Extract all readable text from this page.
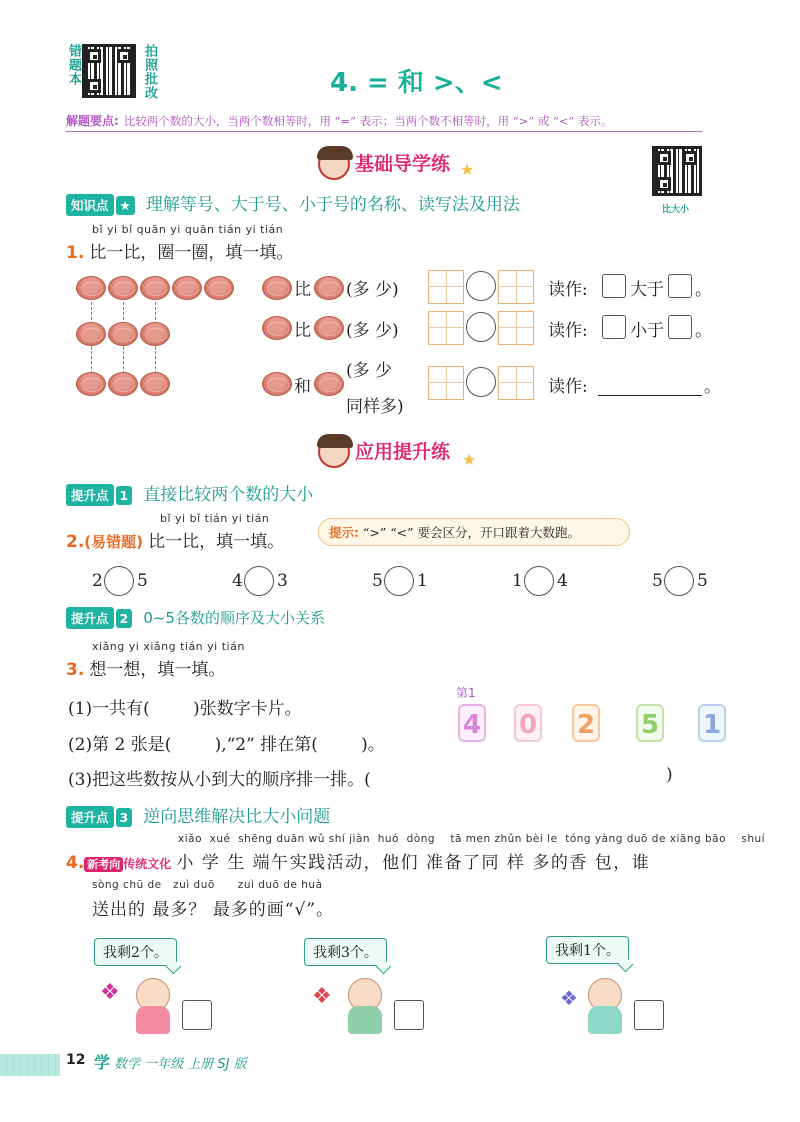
错题本	拍照批改	4. = 和 >、<
解题要点: 比较两个数的大小，当两个数相等时，用 “=” 表示；当两个数不相等时，用 “>” 或 “<” 表示。
基础导学练 ★
比大小
知识点 ★ 理解等号、大于号、小于号的名称、读写法及用法
bǐ yi bǐ quān yi quān tián yi tián
1. 比一比，圈一圈，填一填。
比 (多 少)	读作: 大于 。
比 (多 少)	读作: 小于 。
和
(多 少
同样多)
读作:	。
应用提升练 ★
提升点 1 直接比较两个数的大小
bǐ yi bǐ tián yi tián
2.(易错题) 比一比，填一填。	提示: “>” “<” 要会区分，开口跟着大数跑。
2 5	4 3	5 1	1 4	5 5
提升点 2 0~5各数的顺序及大小关系
xiǎng yi xiǎng tián yi tián
3. 想一想，填一填。
(1)一共有(        )张数字卡片。
(2)第 2 张是(        ),“2” 排在第(        )。
(3)把这些数按从小到大的顺序排一排。(	)
第1
4 0 2 5 1
提升点 3 逆向思维解决比大小问题
xiǎo  xué  shēng duān wǔ shí jiàn  huó  dòng    tā men zhǔn bèi le  tóng yàng duō de xiāng bāo    shuí
4. 新考向 传统文化 小 学 生 端午实践活动，他们 准备了同 样 多的香 包，谁
sòng chū de   zuì duō      zuì duō de huà
送出的 最多？ 最多的画“√”。
我剩2个。
❖
我剩3个。
❖
我剩1个。
❖
12 学 数学 一年级 上册 SJ 版
